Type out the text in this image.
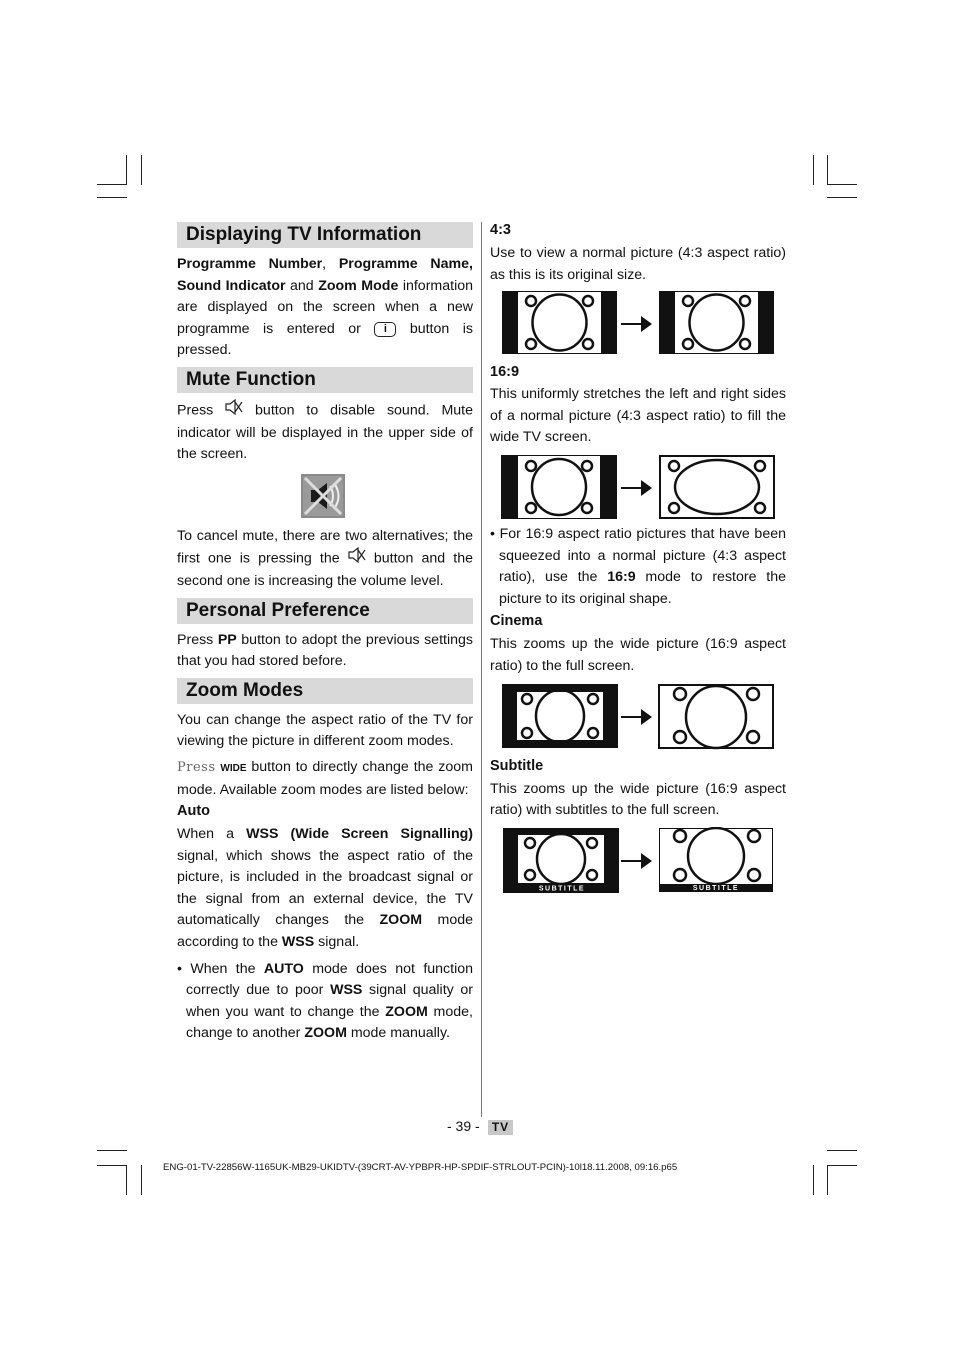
Displaying TV Information

Programme Number, Programme Name, Sound Indicator and Zoom Mode information are displayed on the screen when a new programme is entered or i button is pressed.

Mute Function

Press  button to disable sound. Mute indicator will be displayed in the upper side of the screen.

To cancel mute, there are two alternatives; the first one is pressing the  button and the second one is increasing the volume level.

Personal Preference

Press PP button to adopt the previous settings that you had stored before.

Zoom Modes

You can change the aspect ratio of the TV for viewing the picture in different zoom modes.

Press WIDE button to directly change the zoom mode. Available zoom modes are listed below:

Auto

When a WSS (Wide Screen Signalling) signal, which shows the aspect ratio of the picture, is included in the broadcast signal or the signal from an external device, the TV automatically changes the ZOOM mode according to the WSS signal.

• When the AUTO mode does not function correctly due to poor WSS signal quality or when you want to change the ZOOM mode, change to another ZOOM mode manually.

4:3

Use to view a normal picture (4:3 aspect ratio) as this is its original size.

16:9

This uniformly stretches the left and right sides of a normal picture (4:3 aspect ratio) to fill the wide TV screen.

• For 16:9 aspect ratio pictures that have been squeezed into a normal picture (4:3 aspect ratio), use the 16:9 mode to restore the picture to its original shape.

Cinema

This zooms up the wide picture (16:9 aspect ratio) to the full screen.

Subtitle

This zooms up the wide picture (16:9 aspect ratio) with subtitles to the full screen.

SUBTITLE	SUBTITLE
- 39 -	TV
ENG-01-TV-22856W-1165UK-MB29-UKIDTV-(39CRT-AV-YPBPR-HP-SPDIF-STRLOUT-PCIN)-10l18.11.2008, 09:16.p65
